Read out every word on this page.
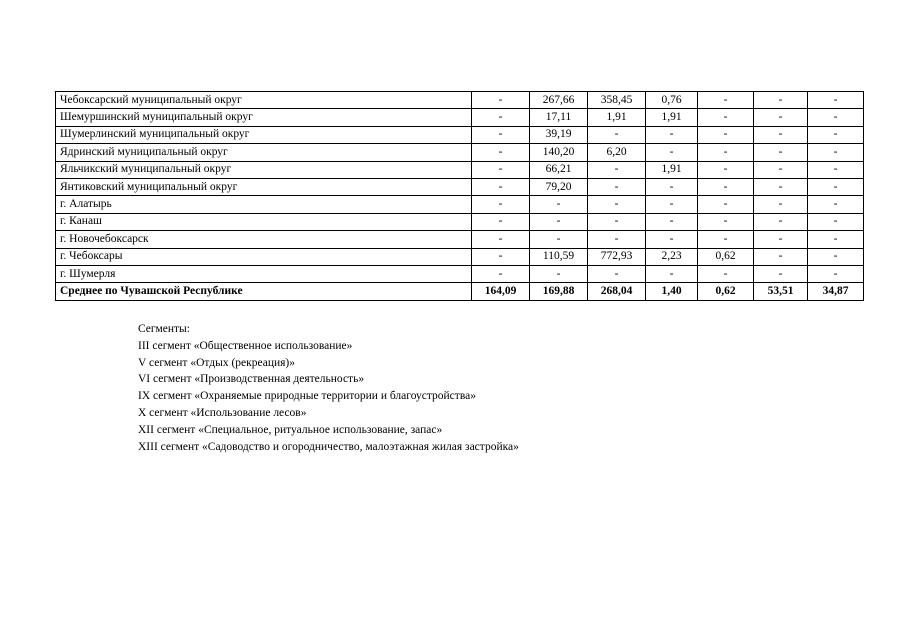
Чебоксарский муниципальный округ	-	267,66	358,45	0,76	-	-	-
Шемуршинский муниципальный округ	-	17,11	1,91	1,91	-	-	-
Шумерлинский муниципальный округ	-	39,19	-	-	-	-	-
Ядринский муниципальный округ	-	140,20	6,20	-	-	-	-
Яльчикский муниципальный округ	-	66,21	-	1,91	-	-	-
Янтиковский муниципальный округ	-	79,20	-	-	-	-	-
г. Алатырь	-	-	-	-	-	-	-
г. Канаш	-	-	-	-	-	-	-
г. Новочебоксарск	-	-	-	-	-	-	-
г. Чебоксары	-	110,59	772,93	2,23	0,62	-	-
г. Шумерля	-	-	-	-	-	-	-
Среднее по Чувашской Республике	164,09	169,88	268,04	1,40	0,62	53,51	34,87
Сегменты:
III сегмент «Общественное использование»
V сегмент «Отдых (рекреация)»
VI сегмент «Производственная деятельность»
IX сегмент «Охраняемые природные территории и благоустройства»
X сегмент «Использование лесов»
XII сегмент «Специальное, ритуальное использование, запас»
XIII сегмент «Садоводство и огородничество, малоэтажная жилая застройка»
